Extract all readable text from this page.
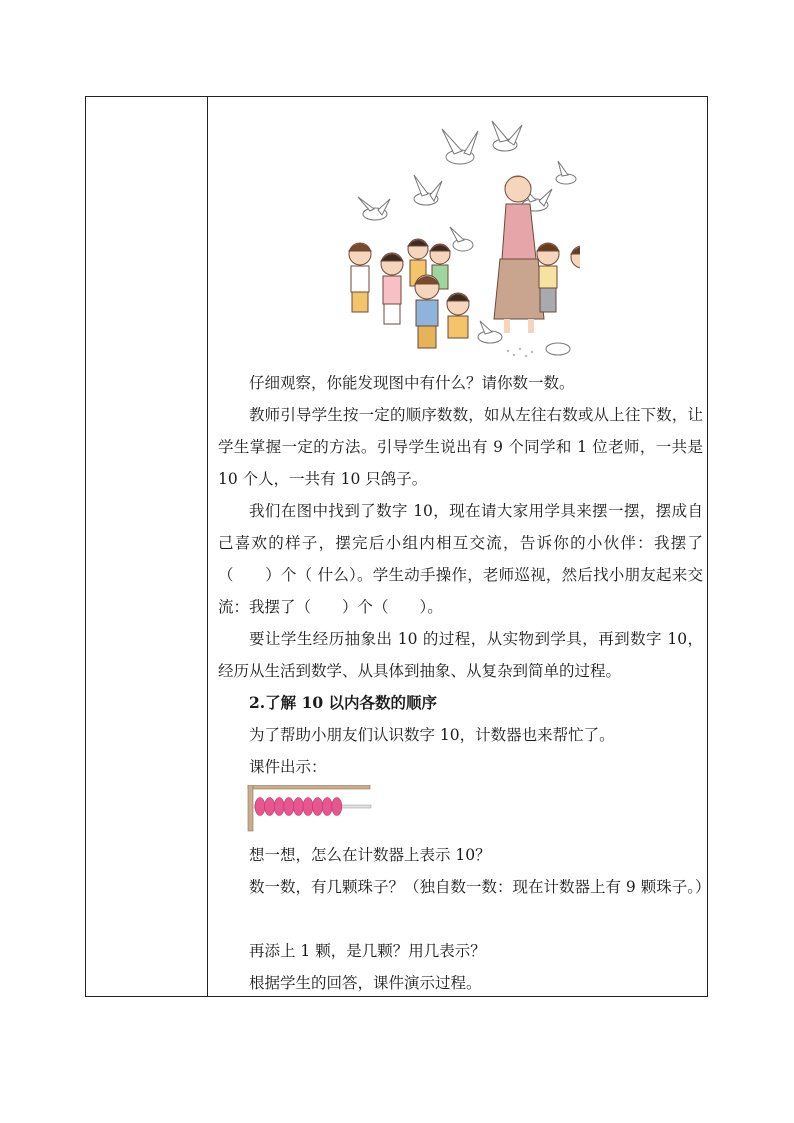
仔细观察，你能发现图中有什么？请你数一数。

教师引导学生按一定的顺序数数，如从左往右数或从上往下数，让学生掌握一定的方法。引导学生说出有 9 个同学和 1 位老师，一共是 10 个人，一共有 10 只鸽子。

我们在图中找到了数字 10，现在请大家用学具来摆一摆，摆成自己喜欢的样子，摆完后小组内相互交流，告诉你的小伙伴：我摆了（　　）个（ 什么）。学生动手操作，老师巡视，然后找小朋友起来交流：我摆了（　　）个（　　）。

要让学生经历抽象出 10 的过程，从实物到学具，再到数字 10，经历从生活到数学、从具体到抽象、从复杂到简单的过程。

2.了解 10 以内各数的顺序

为了帮助小朋友们认识数字 10，计数器也来帮忙了。

课件出示：

想一想，怎么在计数器上表示 10？

数一数，有几颗珠子？（独自数一数：现在计数器上有 9 颗珠子。）

再添上 1 颗，是几颗？用几表示？

根据学生的回答，课件演示过程。
